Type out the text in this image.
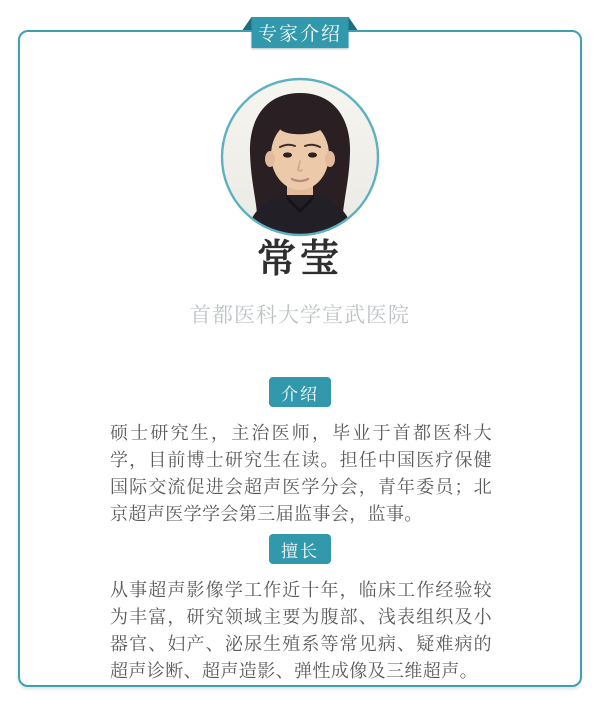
专家介绍
常莹
首都医科大学宣武医院
介绍
硕士研究生，主治医师，毕业于首都医科大学，目前博士研究生在读。担任中国医疗保健国际交流促进会超声医学分会，青年委员；北京超声医学学会第三届监事会，监事。
擅长
从事超声影像学工作近十年，临床工作经验较为丰富，研究领域主要为腹部、浅表组织及小器官、妇产、泌尿生殖系等常见病、疑难病的超声诊断、超声造影、弹性成像及三维超声。
